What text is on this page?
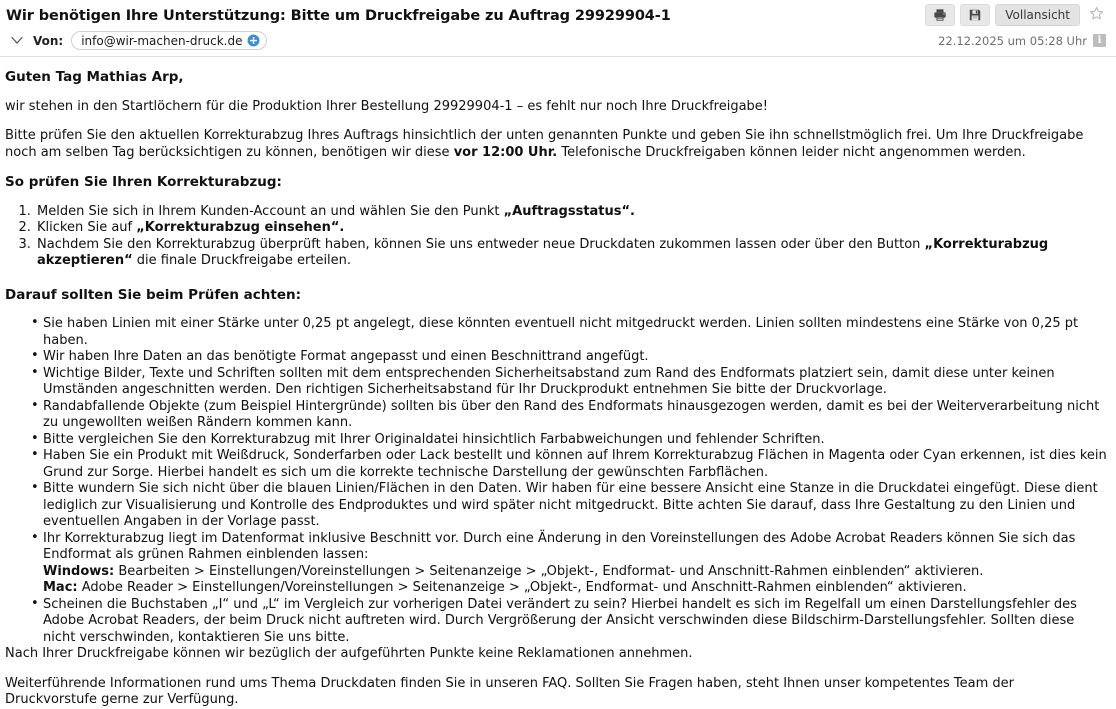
Wir benötigen Ihre Unterstützung: Bitte um Druckfreigabe zu Auftrag 29929904-1	Vollansicht
Von: info@wir-machen-druck.de	22.12.2025 um 05:28 Uhr	i

Guten Tag Mathias Arp,

wir stehen in den Startlöchern für die Produktion Ihrer Bestellung 29929904-1 – es fehlt nur noch Ihre Druckfreigabe!

Bitte prüfen Sie den aktuellen Korrekturabzug Ihres Auftrags hinsichtlich der unten genannten Punkte und geben Sie ihn schnellstmöglich frei. Um Ihre Druckfreigabe noch am selben Tag berücksichtigen zu können, benötigen wir diese vor 12:00 Uhr. Telefonische Druckfreigaben können leider nicht angenommen werden.

So prüfen Sie Ihren Korrekturabzug:

1. Melden Sie sich in Ihrem Kunden-Account an und wählen Sie den Punkt „Auftragsstatus“.
2. Klicken Sie auf „Korrekturabzug einsehen“.
3. Nachdem Sie den Korrekturabzug überprüft haben, können Sie uns entweder neue Druckdaten zukommen lassen oder über den Button „Korrekturabzug akzeptieren“ die finale Druckfreigabe erteilen.

Darauf sollten Sie beim Prüfen achten:

• Sie haben Linien mit einer Stärke unter 0,25 pt angelegt, diese könnten eventuell nicht mitgedruckt werden. Linien sollten mindestens eine Stärke von 0,25 pt haben.
• Wir haben Ihre Daten an das benötigte Format angepasst und einen Beschnittrand angefügt.
• Wichtige Bilder, Texte und Schriften sollten mit dem entsprechenden Sicherheitsabstand zum Rand des Endformats platziert sein, damit diese unter keinen Umständen angeschnitten werden. Den richtigen Sicherheitsabstand für Ihr Druckprodukt entnehmen Sie bitte der Druckvorlage.
• Randabfallende Objekte (zum Beispiel Hintergründe) sollten bis über den Rand des Endformats hinausgezogen werden, damit es bei der Weiterverarbeitung nicht zu ungewollten weißen Rändern kommen kann.
• Bitte vergleichen Sie den Korrekturabzug mit Ihrer Originaldatei hinsichtlich Farbabweichungen und fehlender Schriften.
• Haben Sie ein Produkt mit Weißdruck, Sonderfarben oder Lack bestellt und können auf Ihrem Korrekturabzug Flächen in Magenta oder Cyan erkennen, ist dies kein Grund zur Sorge. Hierbei handelt es sich um die korrekte technische Darstellung der gewünschten Farbflächen.
• Bitte wundern Sie sich nicht über die blauen Linien/Flächen in den Daten. Wir haben für eine bessere Ansicht eine Stanze in die Druckdatei eingefügt. Diese dient lediglich zur Visualisierung und Kontrolle des Endproduktes und wird später nicht mitgedruckt. Bitte achten Sie darauf, dass Ihre Gestaltung zu den Linien und eventuellen Angaben in der Vorlage passt.
• Ihr Korrekturabzug liegt im Datenformat inklusive Beschnitt vor. Durch eine Änderung in den Voreinstellungen des Adobe Acrobat Readers können Sie sich das Endformat als grünen Rahmen einblenden lassen:
Windows: Bearbeiten > Einstellungen/Voreinstellungen > Seitenanzeige > „Objekt-, Endformat- und Anschnitt-Rahmen einblenden“ aktivieren.
Mac: Adobe Reader > Einstellungen/Voreinstellungen > Seitenanzeige > „Objekt-, Endformat- und Anschnitt-Rahmen einblenden“ aktivieren.
• Scheinen die Buchstaben „I“ und „L“ im Vergleich zur vorherigen Datei verändert zu sein? Hierbei handelt es sich im Regelfall um einen Darstellungsfehler des Adobe Acrobat Readers, der beim Druck nicht auftreten wird. Durch Vergrößerung der Ansicht verschwinden diese Bildschirm-Darstellungsfehler. Sollten diese nicht verschwinden, kontaktieren Sie uns bitte.

Nach Ihrer Druckfreigabe können wir bezüglich der aufgeführten Punkte keine Reklamationen annehmen.

Weiterführende Informationen rund ums Thema Druckdaten finden Sie in unseren FAQ. Sollten Sie Fragen haben, steht Ihnen unser kompetentes Team der Druckvorstufe gerne zur Verfügung.
